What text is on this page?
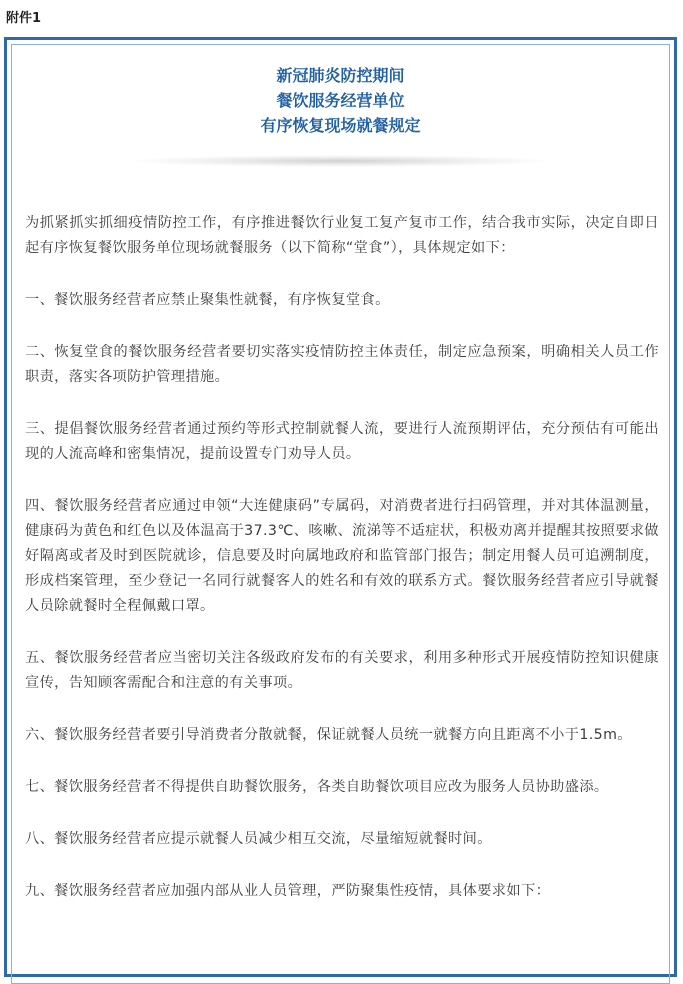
附件1
新冠肺炎防控期间
餐饮服务经营单位
有序恢复现场就餐规定

为抓紧抓实抓细疫情防控工作，有序推进餐饮行业复工复产复市工作，结合我市实际，决定自即日起有序恢复餐饮服务单位现场就餐服务（以下简称“堂食”），具体规定如下：

一、餐饮服务经营者应禁止聚集性就餐，有序恢复堂食。

二、恢复堂食的餐饮服务经营者要切实落实疫情防控主体责任，制定应急预案，明确相关人员工作职责，落实各项防护管理措施。

三、提倡餐饮服务经营者通过预约等形式控制就餐人流，要进行人流预期评估，充分预估有可能出现的人流高峰和密集情况，提前设置专门劝导人员。

四、餐饮服务经营者应通过申领“大连健康码”专属码，对消费者进行扫码管理，并对其体温测量，健康码为黄色和红色以及体温高于37.3℃、咳嗽、流涕等不适症状，积极劝离并提醒其按照要求做好隔离或者及时到医院就诊，信息要及时向属地政府和监管部门报告；制定用餐人员可追溯制度，形成档案管理，至少登记一名同行就餐客人的姓名和有效的联系方式。餐饮服务经营者应引导就餐人员除就餐时全程佩戴口罩。

五、餐饮服务经营者应当密切关注各级政府发布的有关要求，利用多种形式开展疫情防控知识健康宣传，告知顾客需配合和注意的有关事项。

六、餐饮服务经营者要引导消费者分散就餐，保证就餐人员统一就餐方向且距离不小于1.5m。

七、餐饮服务经营者不得提供自助餐饮服务，各类自助餐饮项目应改为服务人员协助盛添。

八、餐饮服务经营者应提示就餐人员减少相互交流，尽量缩短就餐时间。

九、餐饮服务经营者应加强内部从业人员管理，严防聚集性疫情，具体要求如下：
